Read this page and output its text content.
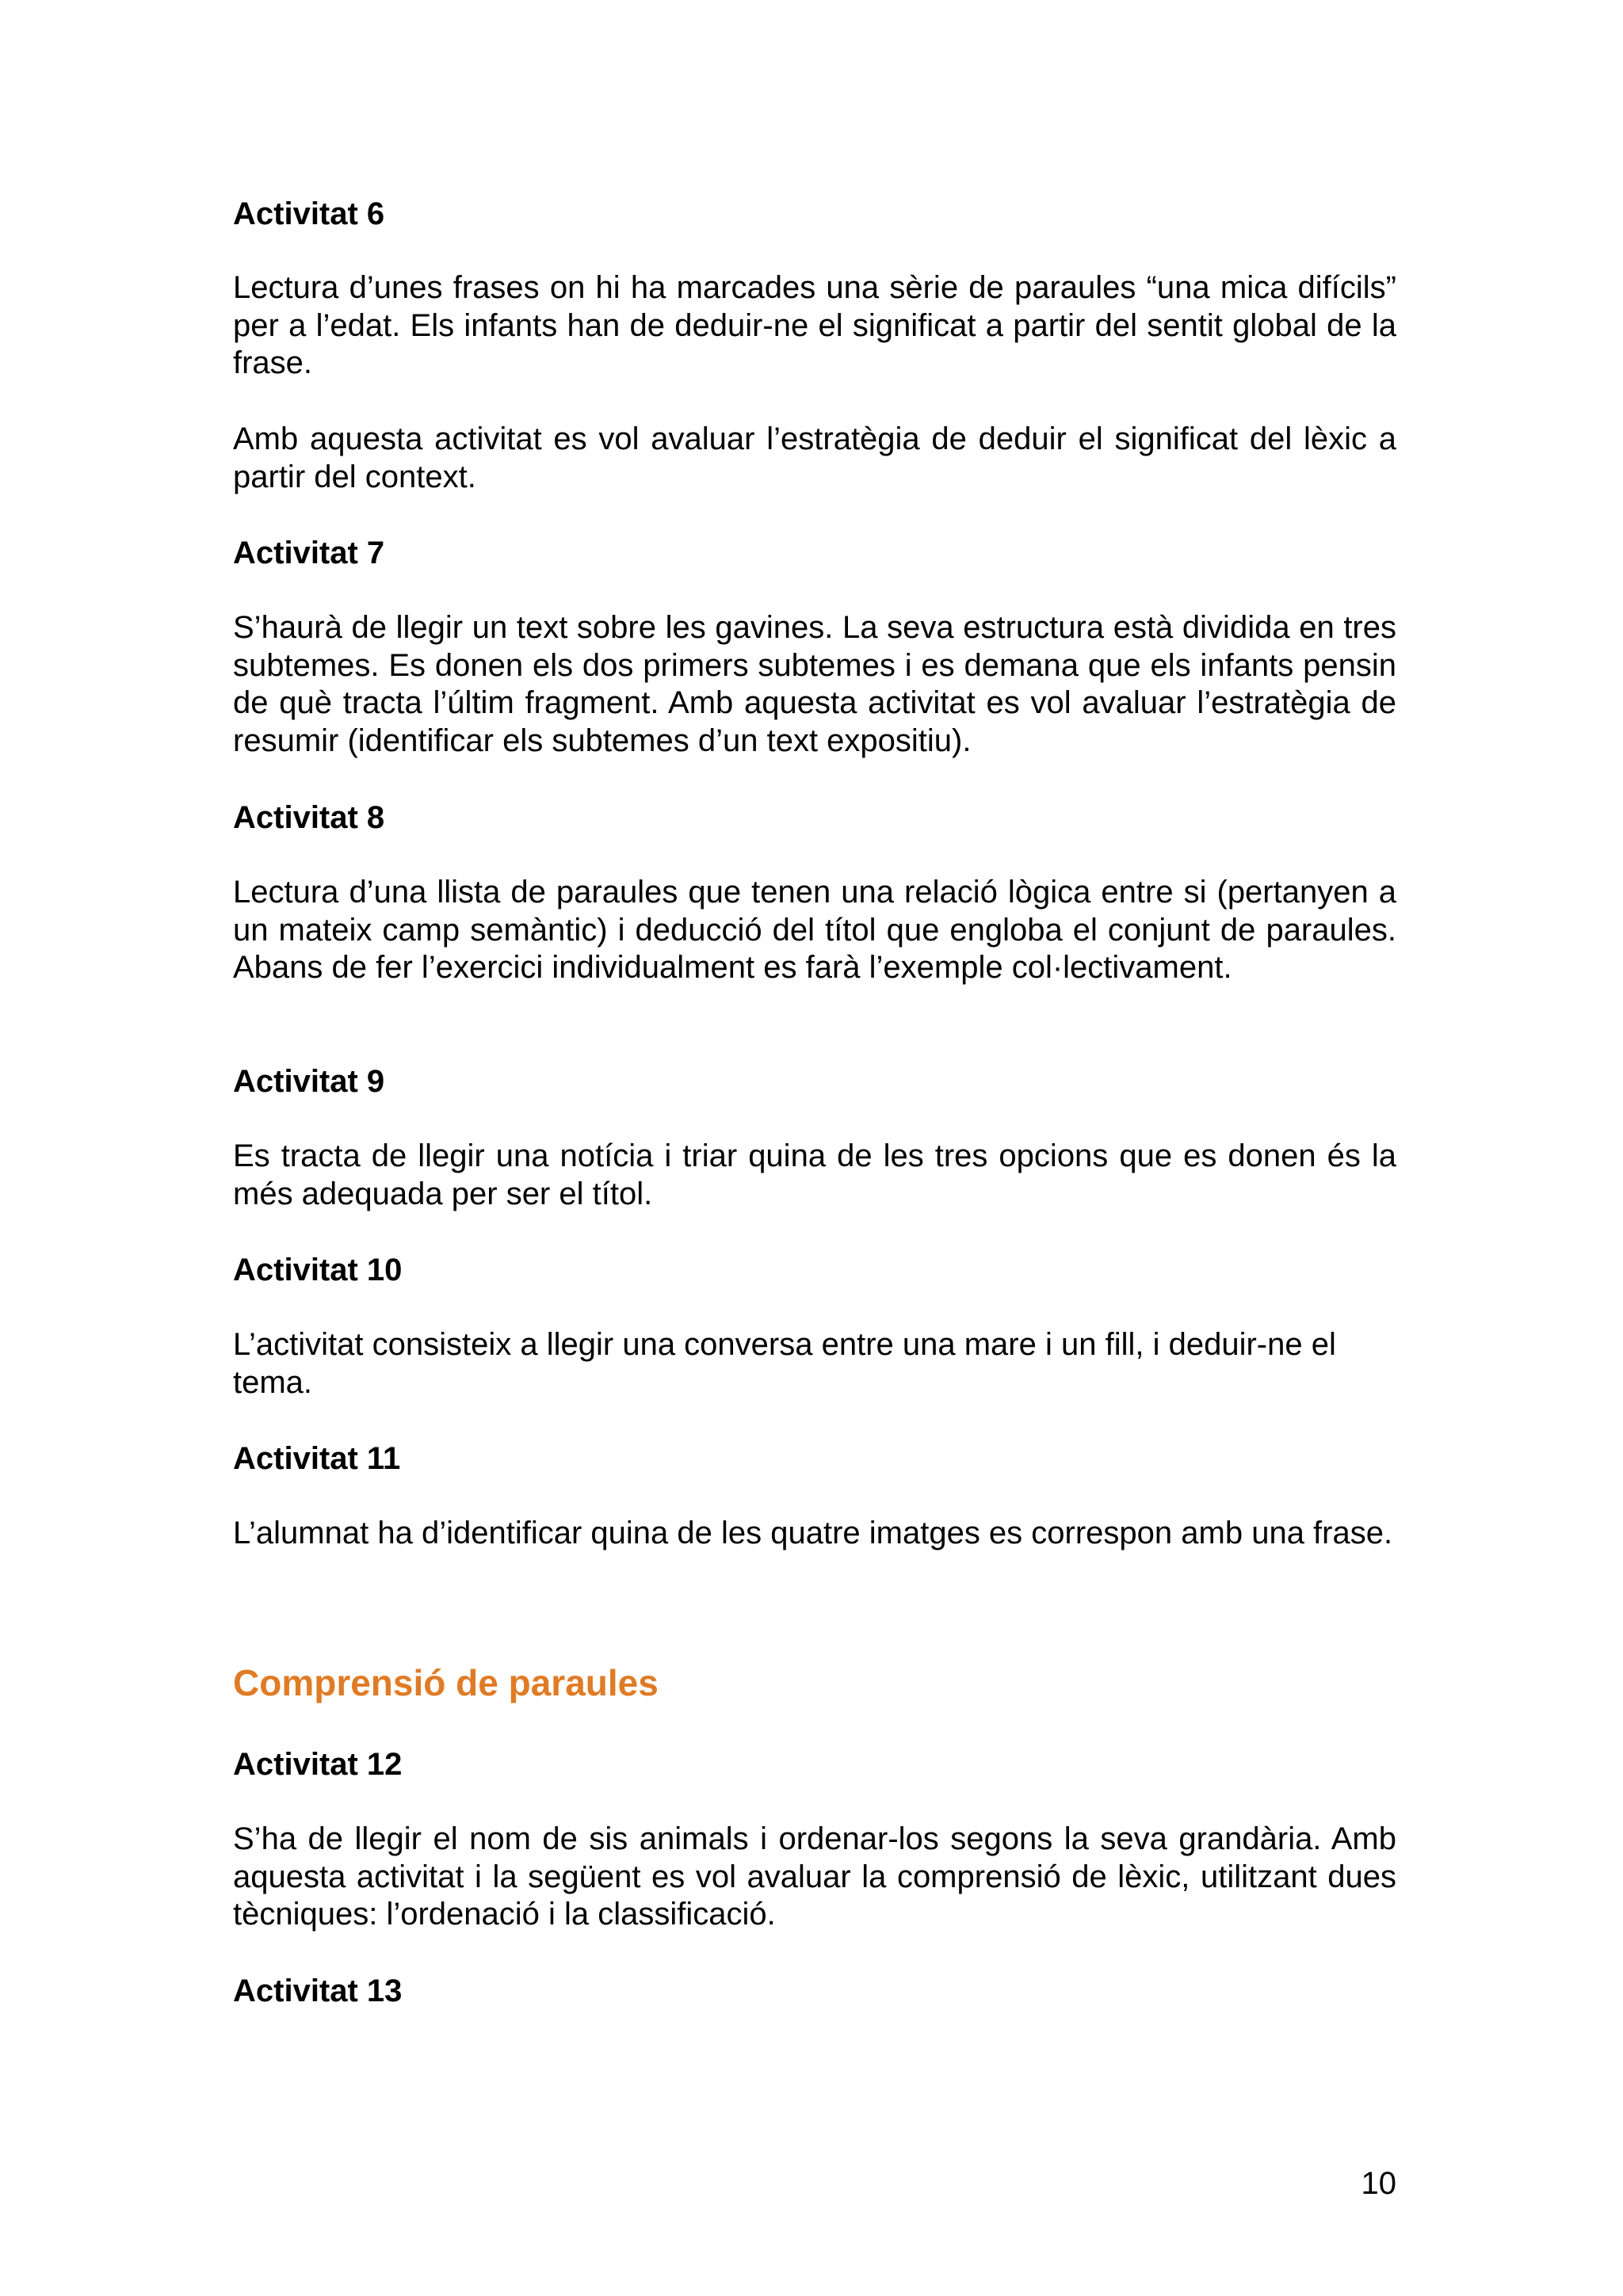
Activitat 6
Lectura d’unes frases on hi ha marcades una sèrie de paraules “una mica difícils” per a l’edat. Els infants han de deduir-ne el significat a partir del sentit global de la frase.
Amb aquesta activitat es vol avaluar l’estratègia de deduir el significat del lèxic a partir del context.
Activitat 7
S’haurà de llegir un text sobre les gavines. La seva estructura està dividida en tres subtemes. Es donen els dos primers subtemes i es demana que els infants pensin de què tracta l’últim fragment. Amb aquesta activitat es vol avaluar l’estratègia de resumir (identificar els subtemes d’un text expositiu).
Activitat 8
Lectura d’una llista de paraules que tenen una relació lògica entre si (pertanyen a un mateix camp semàntic) i deducció del títol que engloba el conjunt de paraules. Abans de fer l’exercici individualment es farà l’exemple col·lectivament.
Activitat 9
Es tracta de llegir una notícia i triar quina de les tres opcions que es donen és la més adequada per ser el títol.
Activitat 10
L’activitat consisteix a llegir una conversa entre una mare i un fill, i deduir-ne el tema.
Activitat 11
L’alumnat ha d’identificar quina de les quatre imatges es correspon amb una frase.
Comprensió de paraules
Activitat 12
S’ha de llegir el nom de sis animals i ordenar-los segons la seva grandària. Amb aquesta activitat i la següent es vol avaluar la comprensió de lèxic, utilitzant dues tècniques: l’ordenació i la classificació.
Activitat 13
10
